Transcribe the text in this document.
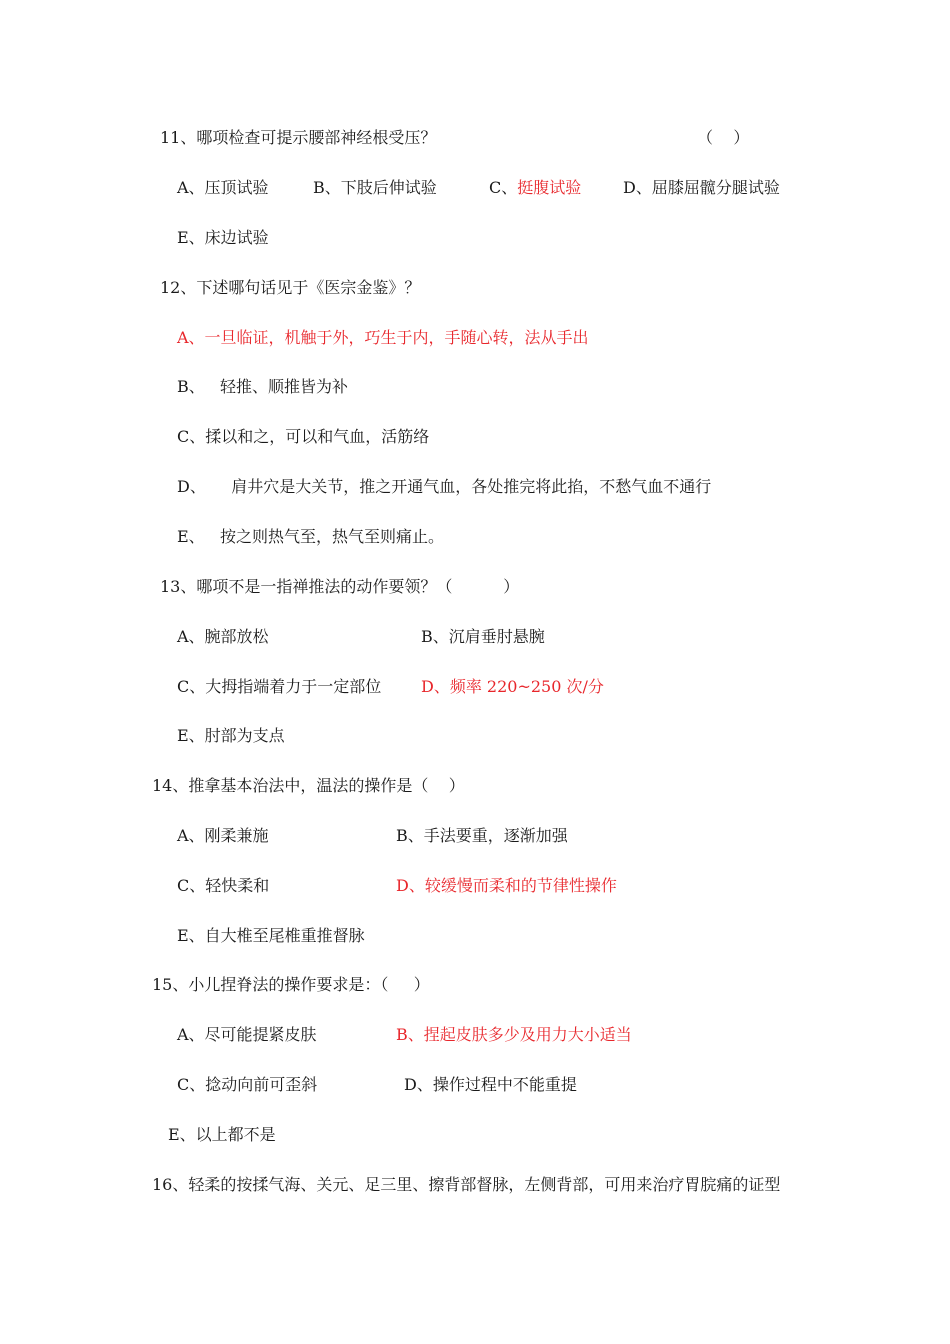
11、哪项检查可提示腰部神经根受压？	（    ）
A、压顶试验	B、下肢后伸试验	C、挺腹试验	D、屈膝屈髋分腿试验
E、床边试验
12、下述哪句话见于《医宗金鉴》？
A、一旦临证，机触于外，巧生于内，手随心转，法从手出
B、   轻推、顺推皆为补
C、揉以和之，可以和气血，活筋络
D、     肩井穴是大关节，推之开通气血，各处推完将此掐，不愁气血不通行
E、   按之则热气至，热气至则痛止。
13、哪项不是一指禅推法的动作要领？（          ）
A、腕部放松	B、沉肩垂肘悬腕
C、大拇指端着力于一定部位 D、频率 220~250 次/分
E、肘部为支点
14、推拿基本治法中，温法的操作是（    ）
A、刚柔兼施	B、手法要重，逐渐加强
C、轻快柔和	D、较缓慢而柔和的节律性操作
E、自大椎至尾椎重推督脉
15、小儿捏脊法的操作要求是：（     ）
A、尽可能提紧皮肤	B、捏起皮肤多少及用力大小适当
C、捻动向前可歪斜	D、操作过程中不能重提
E、以上都不是
16、轻柔的按揉气海、关元、足三里、擦背部督脉，左侧背部，可用来治疗胃脘痛的证型
